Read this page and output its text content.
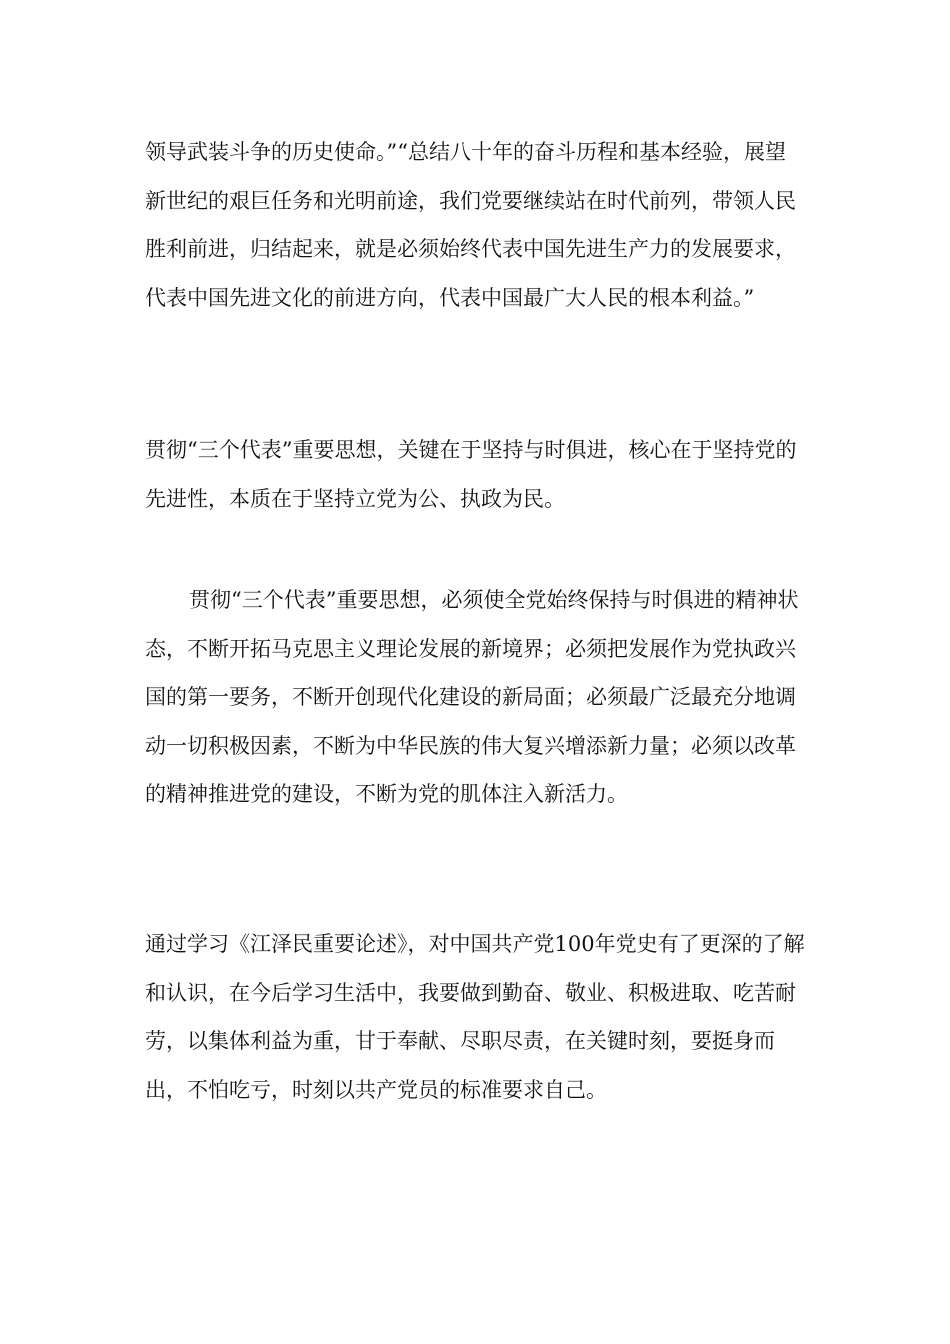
领导武装斗争的历史使命。”“总结八十年的奋斗历程和基本经验，展望新世纪的艰巨任务和光明前途，我们党要继续站在时代前列，带领人民胜利前进，归结起来，就是必须始终代表中国先进生产力的发展要求，代表中国先进文化的前进方向，代表中国最广大人民的根本利益。”

贯彻“三个代表”重要思想，关键在于坚持与时俱进，核心在于坚持党的先进性，本质在于坚持立党为公、执政为民。

贯彻“三个代表”重要思想，必须使全党始终保持与时俱进的精神状态，不断开拓马克思主义理论发展的新境界；必须把发展作为党执政兴国的第一要务，不断开创现代化建设的新局面；必须最广泛最充分地调动一切积极因素，不断为中华民族的伟大复兴增添新力量；必须以改革的精神推进党的建设，不断为党的肌体注入新活力。

通过学习《江泽民重要论述》，对中国共产党100年党史有了更深的了解和认识，在今后学习生活中，我要做到勤奋、敬业、积极进取、吃苦耐劳，以集体利益为重，甘于奉献、尽职尽责，在关键时刻，要挺身而出，不怕吃亏，时刻以共产党员的标准要求自己。
